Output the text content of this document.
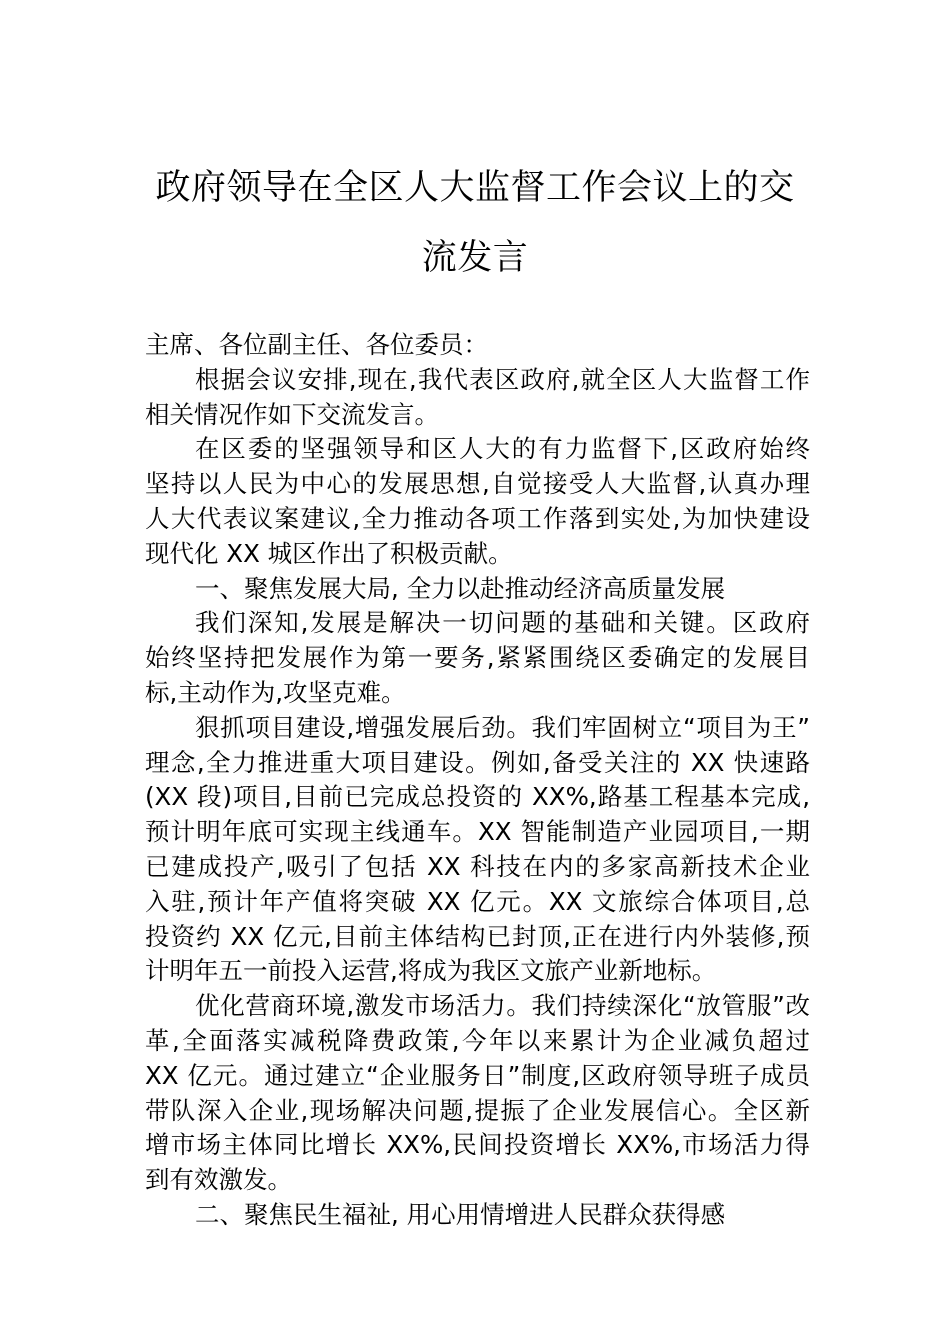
政府领导在全区人大监督工作会议上的交
流发言
主席、各位副主任、各位委员：
根据会议安排,现在,我代表区政府,就全区人大监督工作
相关情况作如下交流发言。
在区委的坚强领导和区人大的有力监督下,区政府始终
坚持以人民为中心的发展思想,自觉接受人大监督,认真办理
人大代表议案建议,全力推动各项工作落到实处,为加快建设
现代化 XX 城区作出了积极贡献。
一、聚焦发展大局, 全力以赴推动经济高质量发展
我们深知,发展是解决一切问题的基础和关键。区政府
始终坚持把发展作为第一要务,紧紧围绕区委确定的发展目
标,主动作为,攻坚克难。
狠抓项目建设,增强发展后劲。我们牢固树立“项目为王”
理念,全力推进重大项目建设。例如,备受关注的 XX 快速路
(XX 段)项目,目前已完成总投资的 XX%,路基工程基本完成,
预计明年底可实现主线通车。XX 智能制造产业园项目,一期
已建成投产,吸引了包括 XX 科技在内的多家高新技术企业
入驻,预计年产值将突破 XX 亿元。XX 文旅综合体项目,总
投资约 XX 亿元,目前主体结构已封顶,正在进行内外装修,预
计明年五一前投入运营,将成为我区文旅产业新地标。
优化营商环境,激发市场活力。我们持续深化“放管服”改
革,全面落实减税降费政策,今年以来累计为企业减负超过
XX 亿元。通过建立“企业服务日”制度,区政府领导班子成员
带队深入企业,现场解决问题,提振了企业发展信心。全区新
增市场主体同比增长 XX%,民间投资增长 XX%,市场活力得
到有效激发。
二、聚焦民生福祉, 用心用情增进人民群众获得感
